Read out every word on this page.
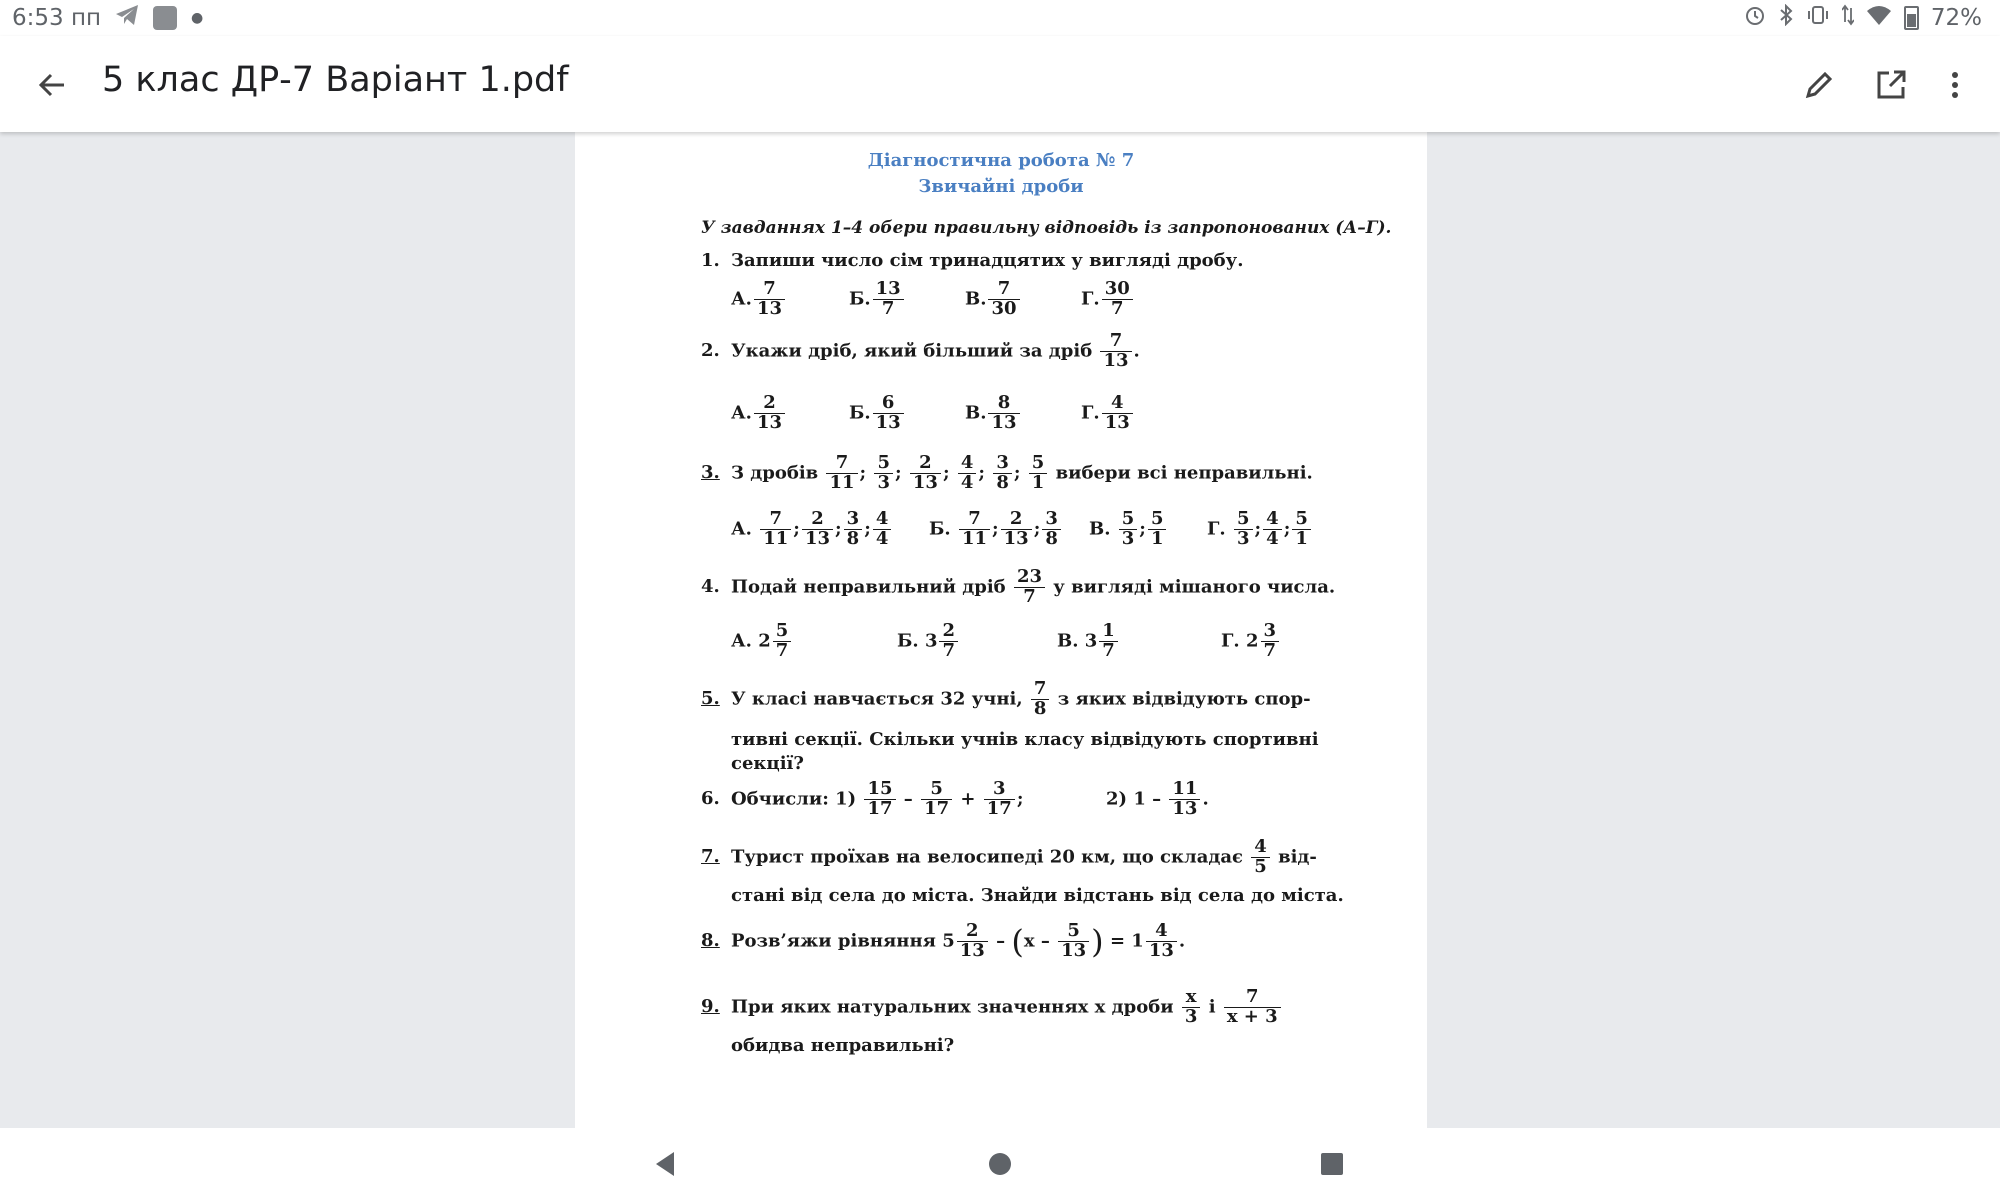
6:53 пп	●	72%
5 клас ДР-7 Варіант 1.pdf
Діагностична робота № 7
Звичайні дроби
У завданнях 1–4 обери правильну відповідь із запропонованих (А–Г).
1. Запиши число сім тринадцятих у вигляді дробу.
А. $\frac{7}{13}$	Б. $\frac{13}{7}$	В. $\frac{7}{30}$	Г. $\frac{30}{7}$
2. Укажи дріб, який більший за дріб $\frac{7}{13}$ .
А. $\frac{2}{13}$	Б. $\frac{6}{13}$	В. $\frac{8}{13}$	Г. $\frac{4}{13}$
3. З дробів $\frac{7}{11}$ ; $\frac{5}{3}$ ; $\frac{2}{13}$ ; $\frac{4}{4}$ ; $\frac{3}{8}$ ; $\frac{5}{1}$ вибери всі неправильні.
А. $\frac{7}{11}$ ; $\frac{2}{13}$ ; $\frac{3}{8}$ ; $\frac{4}{4} Б$. $\frac{7}{11}$ ; $\frac{2}{13}$ ; $\frac{3}{8} В$. $\frac{5}{3}$ ; $\frac{5}{1} Г$. $\frac{5}{3}$ ; $\frac{4}{4}$ ; $\frac{5}{1}$
4. Подай неправильний дріб $\frac{23}{7}$ у вигляді мішаного числа.
А. $2 \frac{5}{7}$	Б. $3 \frac{2}{7}$	В. $3 \frac{1}{7}$	Г. $2 \frac{3}{7}$
5. У класі навчається 32 учні, $\frac{7}{8}$ з яких відвідують спор-
тивні секції. Скільки учнів класу відвідують спортивні
секції?
6. Обчисли: $1) \frac{15}{17} - \frac{5}{17} + \frac{3}{17}$ ;	2) $1 - \frac{11}{13}$ .
7. Турист проїхав на велосипеді 20 км, що складає $\frac{4}{5} від-$
стані від села до міста. Знайди відстань від села до міста.
8. Розв’яжи рівняння $5 \frac{2}{13} - (x - \frac{5}{13}$ ) = $1 \frac{4}{13}$ .
9. При яких натуральних значеннях x дроби $\frac{x}{3}$ і $\frac{7}{x + 3}$
обидва неправильні?
